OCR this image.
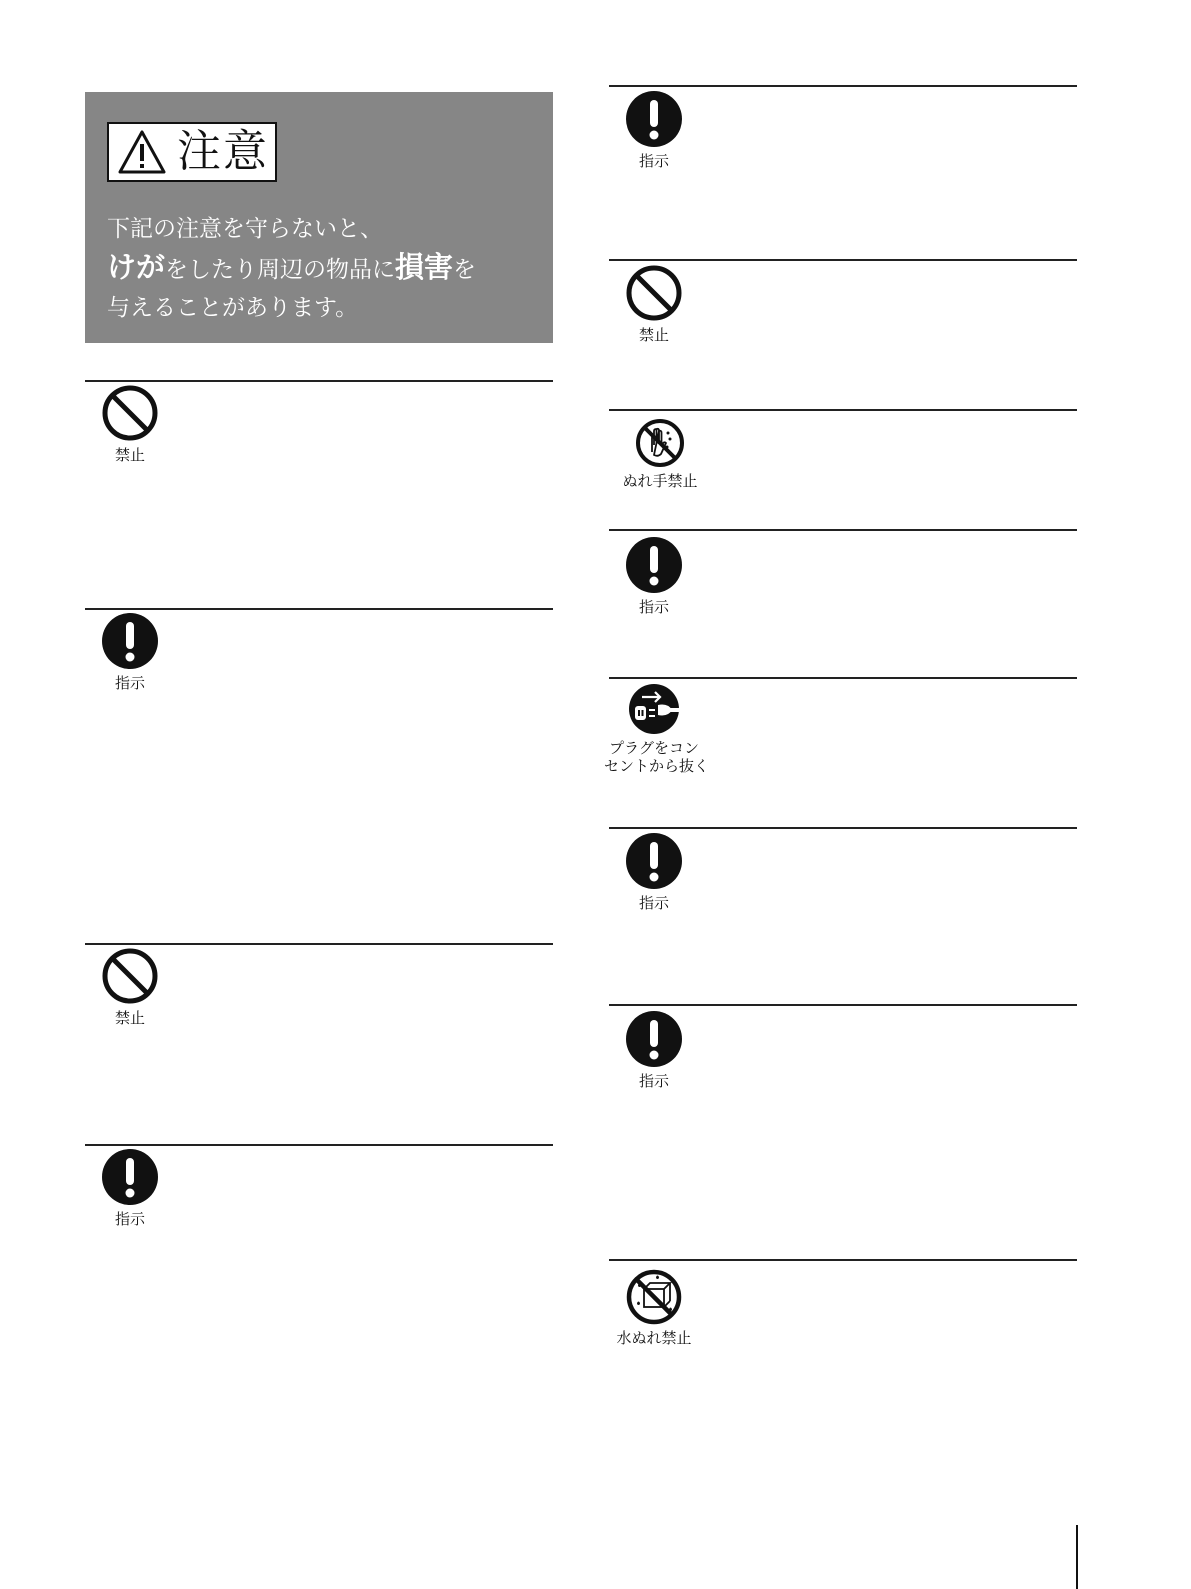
注意
下記の注意を守らないと、
けがをしたり周辺の物品に損害を
与えることがあります。
禁止
指示
禁止
指示
指示
禁止
ぬれ手禁止
指示
プラグをコン
セントから抜く
指示
指示
水ぬれ禁止
